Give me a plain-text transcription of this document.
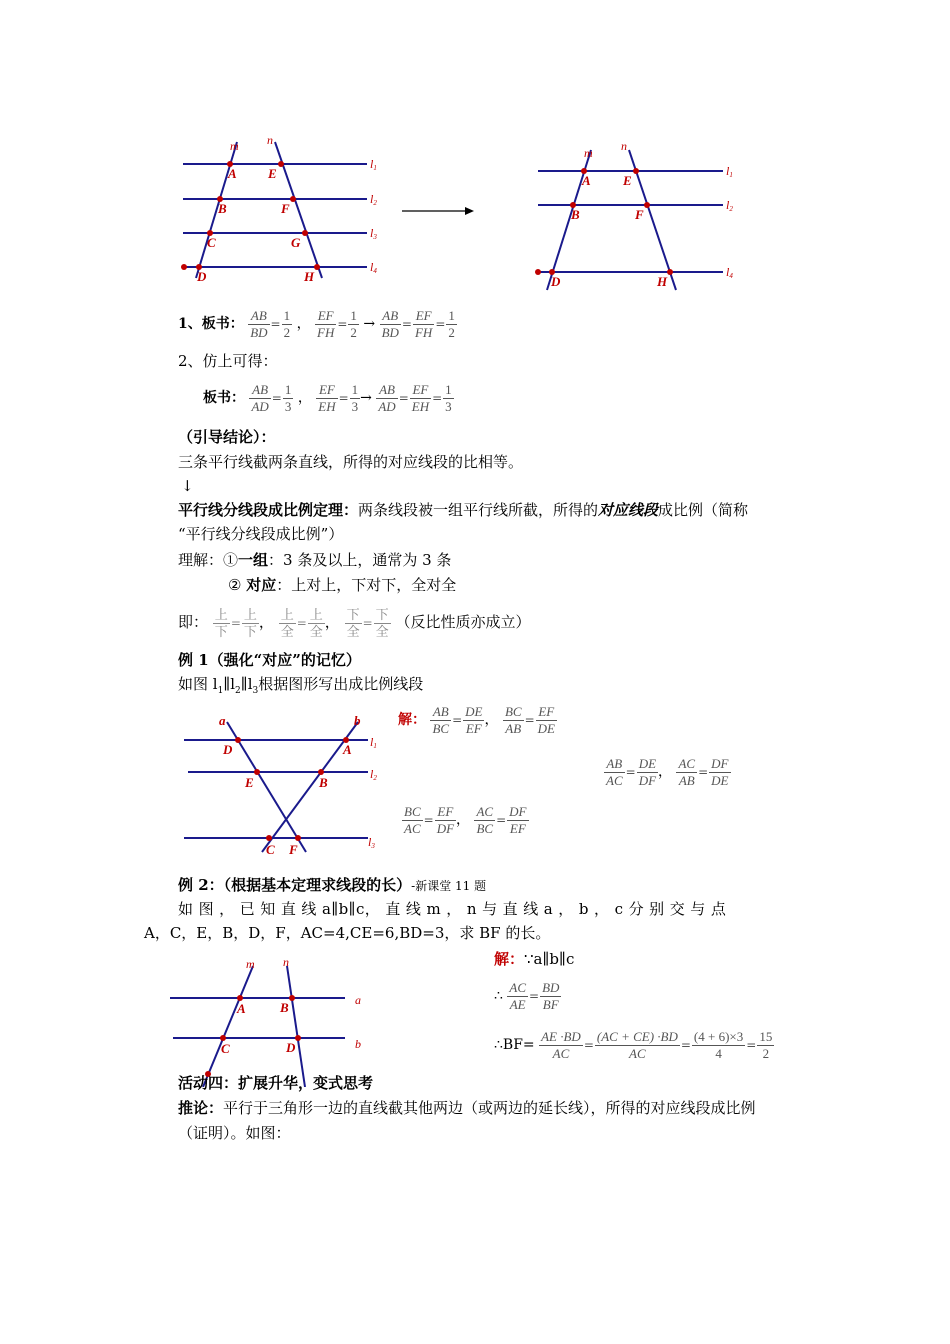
m n
A E
B	F
C	G
D	H
l1
l2
l3
l4
m n
A E
B	F
D	H
l1
l2
l4
1、板书： $\frac{AB}{BD} = \frac{1}{2}$ ， $\frac{EF}{FH} = \frac{1}{2} \to \frac{AB}{BD} = \frac{EF}{FH} = \frac{1}{2}$
2、仿上可得：
板书： $\frac{AB}{AD} = \frac{1}{3}$ ， $\frac{EF}{EH} = \frac{1}{3} \to \frac{AB}{AD} = \frac{EF}{EH} = \frac{1}{3}$
（引导结论）：
三条平行线截两条直线，所得的对应线段的比相等。
↓
平行线分线段成比例定理：两条线段被一组平行线所截，所得的对应线段成比例（简称
“平行线分线段成比例”）
理解：①一组：3 条及以上，通常为 3 条
② 对应：上对上，下对下，全对全
即： $\frac{\text{上}}{\text{下}} = \frac{\text{上}}{\text{下}}$ ， $\frac{\text{上}}{\text{全}} = \frac{\text{上}}{\text{全}}$ ， $\frac{\text{下}}{\text{全}} = \frac{\text{下}}{\text{全}}$ （反比性质亦成立）
例 1（强化“对应”的记忆）
如图 $l_1\parallel l_2\parallel l_3$根据图形写出成比例线段
a	b
D	A
E	B
C F
l1
l2
l3
解： $\frac{AB}{BC} = \frac{DE}{EF}$ ， $\frac{BC}{AB} = \frac{EF}{DE}$
$\frac{AB}{AC} = \frac{DE}{DF}$ ， $\frac{AC}{AB} = \frac{DF}{DE}$
$\frac{BC}{AC} = \frac{EF}{DF}$ ， $\frac{AC}{BC} = \frac{DF}{EF}$
例 2：（根据基本定理求线段的长）-新课堂 11 题
如 图 ， 已 知 直 线 a∥b∥c， 直 线 m ， n 与 直 线 a ， b ， c 分 别 交 与 点
A，C，E，B，D，F，AC=4,CE=6,BD=3，求 BF 的长。
m n
A	B
C	D
a
b
解：∵a∥b∥c
∴ $\frac{AC}{AE} = \frac{BD}{BF}$
∴BF= $\frac{AE \cdot BD}{AC} = \frac{(AC + CE) \cdot BD}{AC} = \frac{(4 + 6)\times 3}{4} = \frac{15}{2}$
活动四：扩展升华，变式思考
推论：平行于三角形一边的直线截其他两边（或两边的延长线），所得的对应线段成比例
（证明）。如图：
